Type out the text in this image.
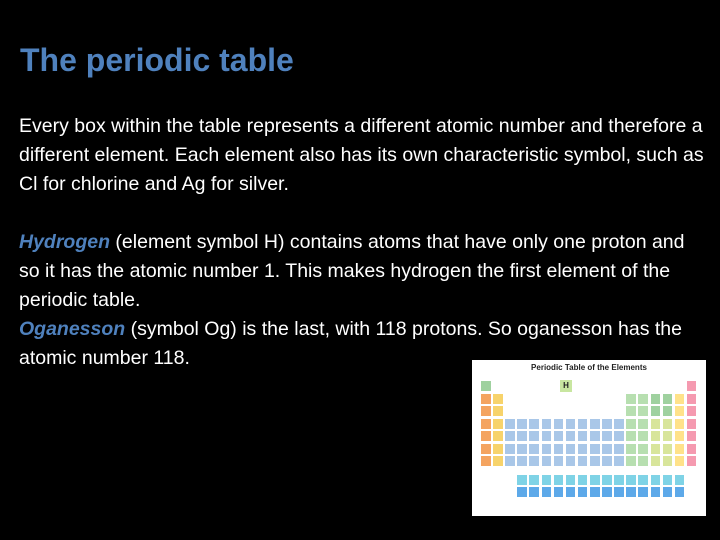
The periodic table
Every box within the table represents a different atomic number and therefore a different element. Each element also has its own characteristic symbol, such as Cl for chlorine and Ag for silver.
Hydrogen (element symbol H) contains atoms that have only one proton and so it has the atomic number 1. This makes hydrogen the first element of the periodic table.
Oganesson (symbol Og) is the last, with 118 protons. So oganesson has the atomic number 118.	Periodic Table of the Elements
H
